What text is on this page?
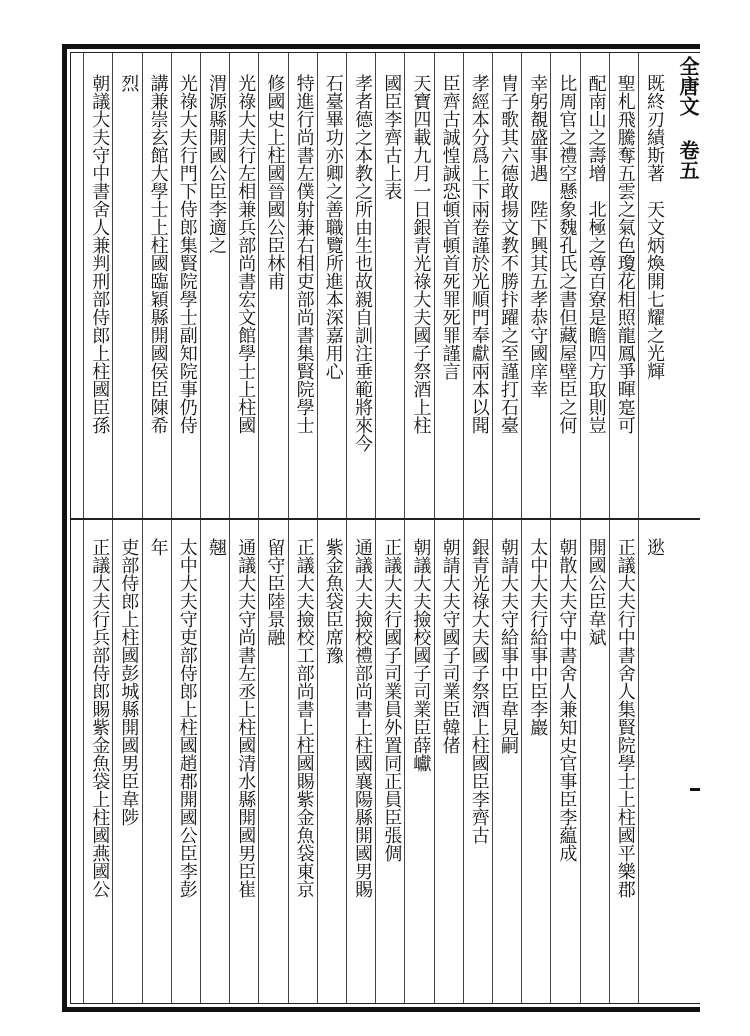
全唐文 卷五
既終刃績斯著　天文炳煥開七耀之光輝
聖札飛騰奪五雲之氣色瓊花相照龍鳳爭暉寔可
配南山之壽增　北極之尊百寮是瞻四方取則豈
比周官之禮空懸象魏孔氏之書但藏屋壁臣之何
幸躬覩盛事遇　陛下興其五孝恭守國庠幸
冑子歌其六德敢揚文教不勝抃躍之至謹打石臺
孝經本分爲上下兩卷謹於光順門奉獻兩本以聞
臣齊古誠惶誠恐頓首頓首死罪死罪謹言
天寶四載九月一日銀青光祿大夫國子祭酒上柱
國臣李齊古上表
孝者德之本教之所由生也故親自訓注垂範將來今
石臺畢功亦卿之善職覽所進本深嘉用心
特進行尚書左僕射兼右相吏部尚書集賢院學士
修國史上柱國晉國公臣林甫
光祿大夫行左相兼兵部尚書宏文館學士上柱國
渭源縣開國公臣李適之
光祿大夫行門下侍郎集賢院學士副知院事仍侍
講兼崇玄館大學士上柱國臨穎縣開國侯臣陳希
烈
朝議大夫守中書舍人兼判刑部侍郎上柱國臣孫
逖
正議大夫行中書舍人集賢院學士上柱國平樂郡
開國公臣韋斌
朝散大夫守中書舍人兼知史官事臣李藴成
太中大夫行給事中臣李巖
朝請大夫守給事中臣韋見嗣
銀青光祿大夫國子祭酒上柱國臣李齊古
朝請大夫守國子司業臣韓偖
朝議大夫撿校國子司業臣薛巘
正議大夫行國子司業員外置同正員臣張倜
通議大夫撿校禮部尚書上柱國襄陽縣開國男賜
紫金魚袋臣席豫
正議大夫撿校工部尚書上柱國賜紫金魚袋東京
留守臣陸景融
通議大夫守尚書左丞上柱國清水縣開國男臣崔
翹
太中大夫守吏部侍郎上柱國趙郡開國公臣李彭
年
吏部侍郎上柱國彭城縣開國男臣韋陟
正議大夫行兵部侍郎賜紫金魚袋上柱國燕國公
